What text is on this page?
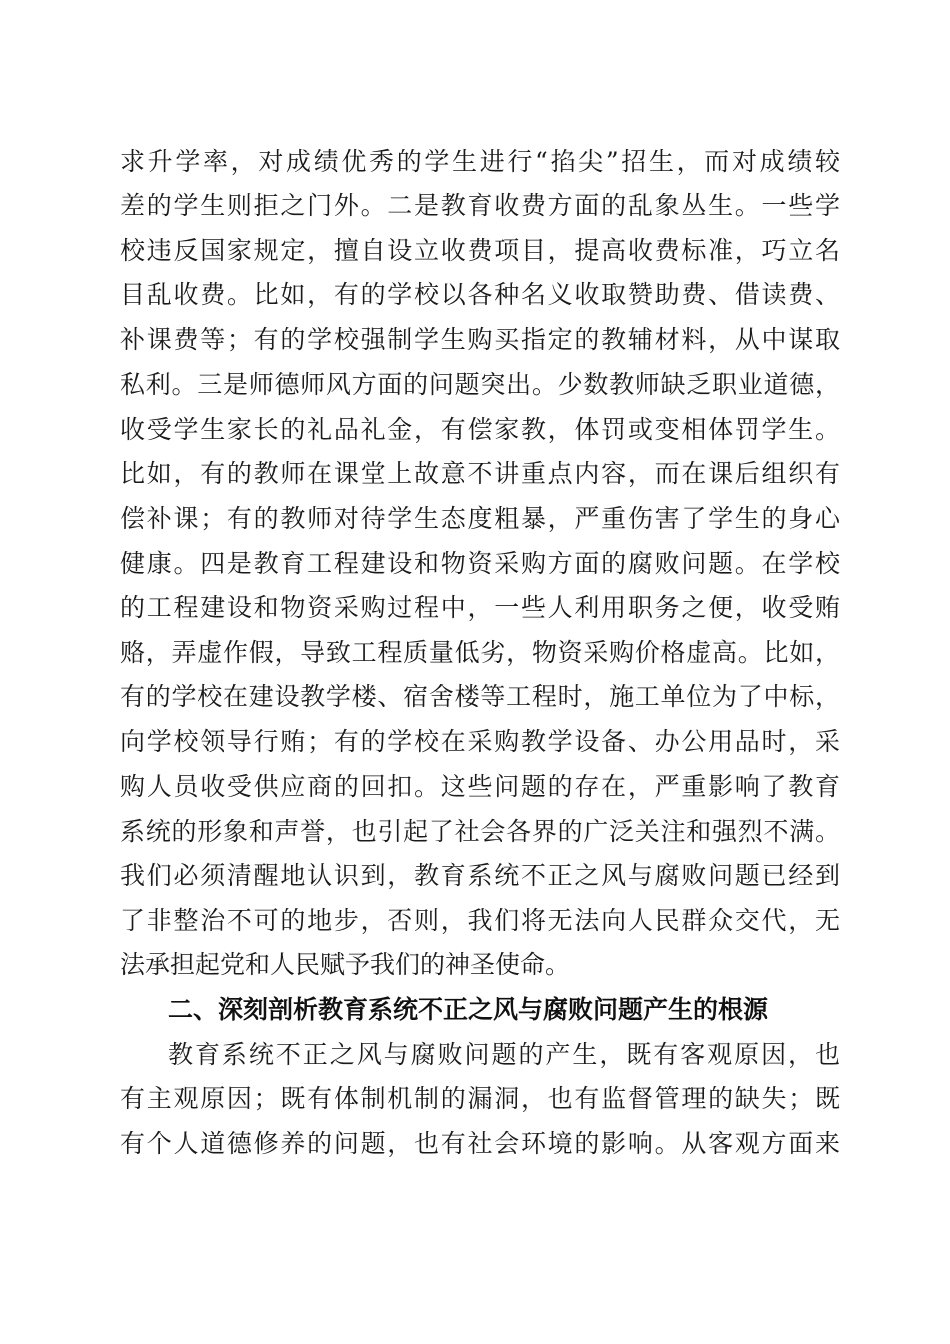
求升学率，对成绩优秀的学生进行“掐尖”招生，而对成绩较
差的学生则拒之门外。二是教育收费方面的乱象丛生。一些学
校违反国家规定，擅自设立收费项目，提高收费标准，巧立名
目乱收费。比如，有的学校以各种名义收取赞助费、借读费、
补课费等；有的学校强制学生购买指定的教辅材料，从中谋取
私利。三是师德师风方面的问题突出。少数教师缺乏职业道德，
收受学生家长的礼品礼金，有偿家教，体罚或变相体罚学生。
比如，有的教师在课堂上故意不讲重点内容，而在课后组织有
偿补课；有的教师对待学生态度粗暴，严重伤害了学生的身心
健康。四是教育工程建设和物资采购方面的腐败问题。在学校
的工程建设和物资采购过程中，一些人利用职务之便，收受贿
赂，弄虚作假，导致工程质量低劣，物资采购价格虚高。比如，
有的学校在建设教学楼、宿舍楼等工程时，施工单位为了中标，
向学校领导行贿；有的学校在采购教学设备、办公用品时，采
购人员收受供应商的回扣。这些问题的存在，严重影响了教育
系统的形象和声誉，也引起了社会各界的广泛关注和强烈不满。
我们必须清醒地认识到，教育系统不正之风与腐败问题已经到
了非整治不可的地步，否则，我们将无法向人民群众交代，无
法承担起党和人民赋予我们的神圣使命。
二、深刻剖析教育系统不正之风与腐败问题产生的根源
教育系统不正之风与腐败问题的产生，既有客观原因，也
有主观原因；既有体制机制的漏洞，也有监督管理的缺失；既
有个人道德修养的问题，也有社会环境的影响。从客观方面来
